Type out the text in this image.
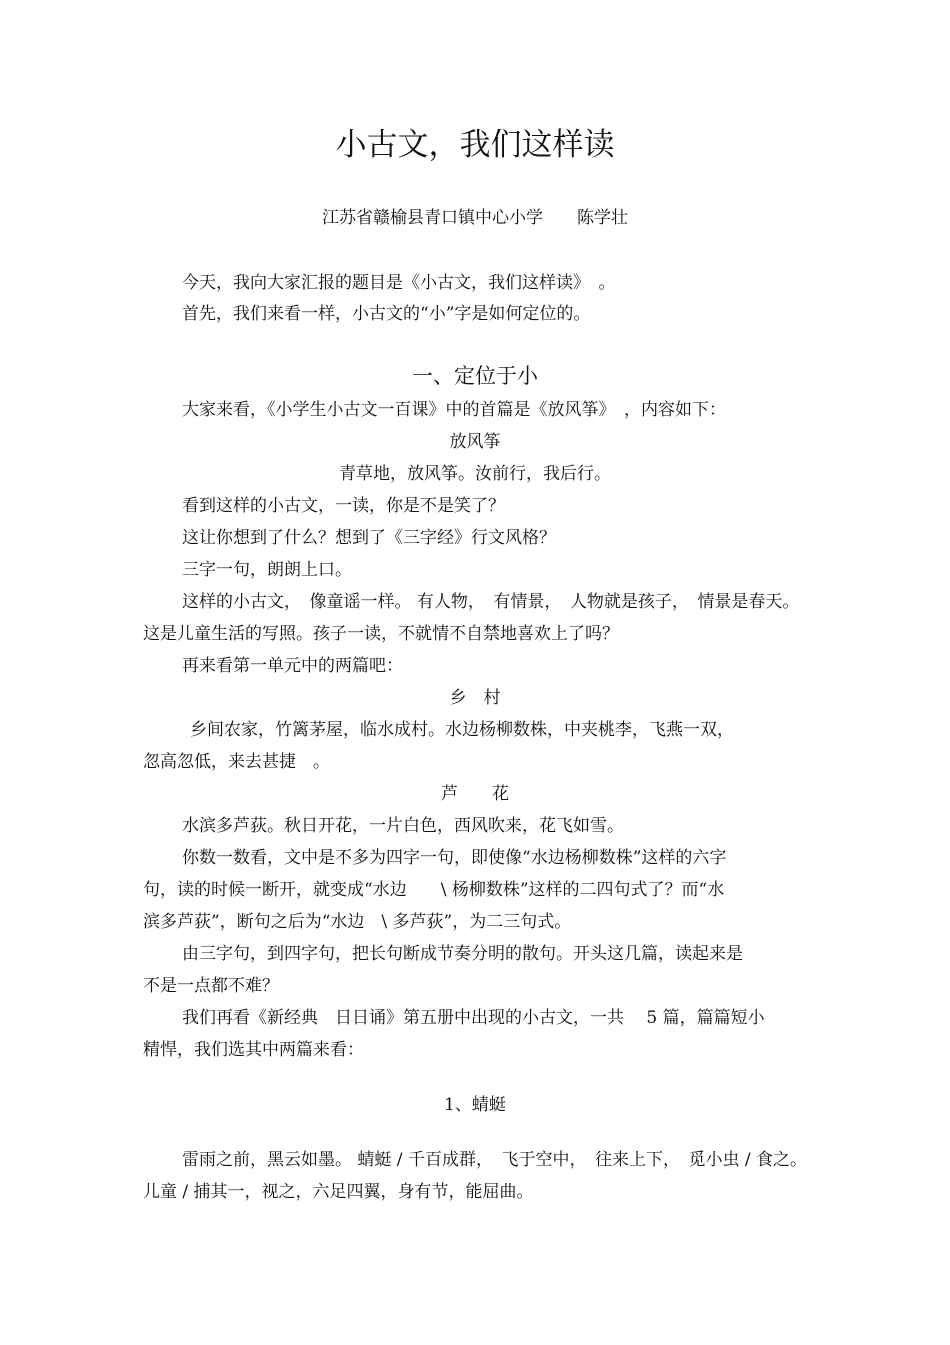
小古文，我们这样读
江苏省赣榆县青口镇中心小学　　陈学壮
今天，我向大家汇报的题目是《小古文，我们这样读》　。
首先，我们来看一样，小古文的“小”字是如何定位的。
一、定位于小
大家来看，《小学生小古文一百课》中的首篇是《放风筝》　，内容如下：
放风筝
青草地，放风筝。汝前行，我后行。
看到这样的小古文，一读，你是不是笑了？
这让你想到了什么？想到了《三字经》行文风格？
三字一句，朗朗上口。
这样的小古文，　像童谣一样。 有人物，　有情景，　人物就是孩子，　情景是春天。
这是儿童生活的写照。孩子一读，不就情不自禁地喜欢上了吗？
再来看第一单元中的两篇吧：
乡　村
乡间农家，竹篱茅屋，临水成村。水边杨柳数株，中夹桃李，飞燕一双，
忽高忽低，来去甚捷　。
芦　　花
水滨多芦荻。秋日开花，一片白色，西风吹来，花飞如雪。
你数一数看，文中是不多为四字一句，即使像“水边杨柳数株”这样的六字
句，读的时候一断开，就变成“水边　　\ 杨柳数株”这样的二四句式了？而“水
滨多芦荻”，断句之后为“水边　\ 多芦荻”，为二三句式。
由三字句，到四字句，把长句断成节奏分明的散句。开头这几篇，读起来是
不是一点都不难？
我们再看《新经典　日日诵》第五册中出现的小古文，一共　 5 篇，篇篇短小
精悍，我们选其中两篇来看：
1、蜻蜓
雷雨之前，黑云如墨。 蜻蜓 / 千百成群，　飞于空中，　往来上下，　觅小虫 / 食之。
儿童 / 捕其一，视之，六足四翼，身有节，能屈曲。
